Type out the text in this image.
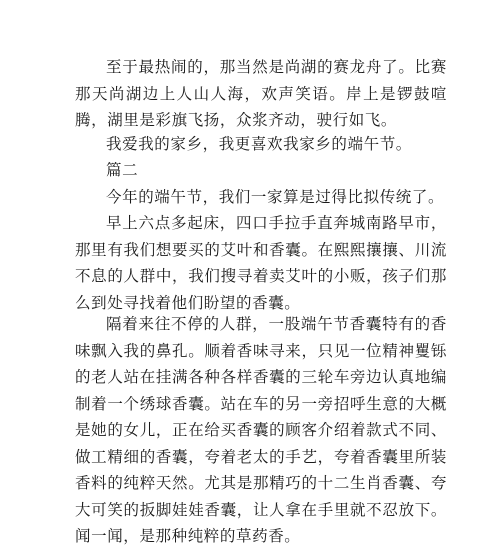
至于最热闹的，那当然是尚湖的赛龙舟了。比赛那天尚湖边上人山人海，欢声笑语。岸上是锣鼓喧腾，湖里是彩旗飞扬，众浆齐动，驶行如飞。

我爱我的家乡，我更喜欢我家乡的端午节。

篇二

今年的端午节，我们一家算是过得比拟传统了。

早上六点多起床，四口手拉手直奔城南路早市，那里有我们想要买的艾叶和香囊。在熙熙攘攘、川流不息的人群中，我们搜寻着卖艾叶的小贩，孩子们那么到处寻找着他们盼望的香囊。

隔着来往不停的人群，一股端午节香囊特有的香味飘入我的鼻孔。顺着香味寻来，只见一位精神矍铄的老人站在挂满各种各样香囊的三轮车旁边认真地编制着一个绣球香囊。站在车的另一旁招呼生意的大概是她的女儿，正在给买香囊的顾客介绍着款式不同、做工精细的香囊，夸着老太的手艺，夸着香囊里所装香料的纯粹天然。尤其是那精巧的十二生肖香囊、夸大可笑的扳脚娃娃香囊，让人拿在手里就不忍放下。闻一闻，是那种纯粹的草药香。
